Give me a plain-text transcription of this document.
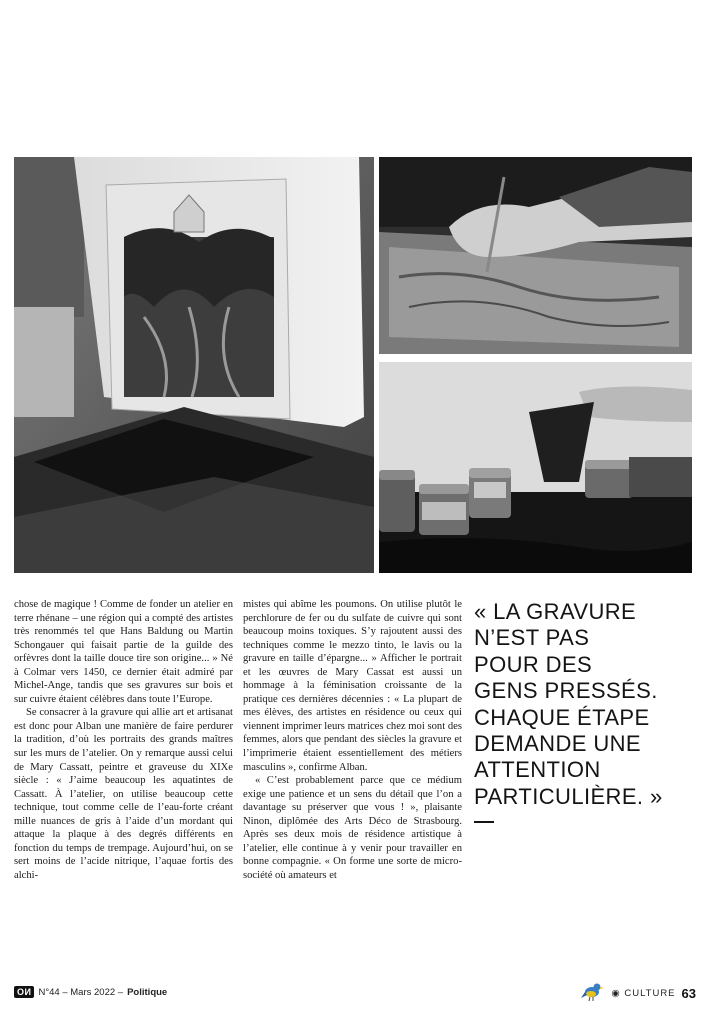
chose de magique ! Comme de fonder un atelier en terre rhénane – une région qui a compté des artistes très renommés tel que Hans Baldung ou Martin Schongauer qui faisait partie de la guilde des orfèvres dont la taille douce tire son origine... » Né à Colmar vers 1450, ce dernier était admiré par Michel-Ange, tandis que ses gravures sur bois et sur cuivre étaient célèbres dans toute l’Europe.

Se consacrer à la gravure qui allie art et artisanat est donc pour Alban une manière de faire perdurer la tradition, d’où les portraits des grands maîtres sur les murs de l’atelier. On y remarque aussi celui de Mary Cassatt, peintre et graveuse du XIXe siècle : « J’aime beaucoup les aquatintes de Cassatt. À l’atelier, on utilise beaucoup cette technique, tout comme celle de l’eau-forte créant mille nuances de gris à l’aide d’un mordant qui attaque la plaque à des degrés différents en fonction du temps de trempage. Aujourd’hui, on se sert moins de l’acide nitrique, l’aquae fortis des alchi-

mistes qui abîme les poumons. On utilise plutôt le perchlorure de fer ou du sulfate de cuivre qui sont beaucoup moins toxiques. S’y rajoutent aussi des techniques comme le mezzo tinto, le lavis ou la gravure en taille d’épargne... » Afficher le portrait et les œuvres de Mary Cassat est aussi un hommage à la féminisation croissante de la pratique ces dernières décennies : « La plupart de mes élèves, des artistes en résidence ou ceux qui viennent imprimer leurs matrices chez moi sont des femmes, alors que pendant des siècles la gravure et l’imprimerie étaient essentiellement des métiers masculins », confirme Alban.

« C’est probablement parce que ce médium exige une patience et un sens du détail que l’on a davantage su préserver que vous ! », plaisante Ninon, diplômée des Arts Déco de Strasbourg. Après ses deux mois de résidence artistique à l’atelier, elle continue à y venir pour travailler en bonne compagnie. « On forme une sorte de micro-société où amateurs et

« LA GRAVURE
N’EST PAS
POUR DES
GENS PRESSÉS.
CHAQUE ÉTAPE
DEMANDE UNE
ATTENTION
PARTICULIÈRE. »
ОИ N°44 – Mars 2022 – Politique	◉ CULTURE 63
